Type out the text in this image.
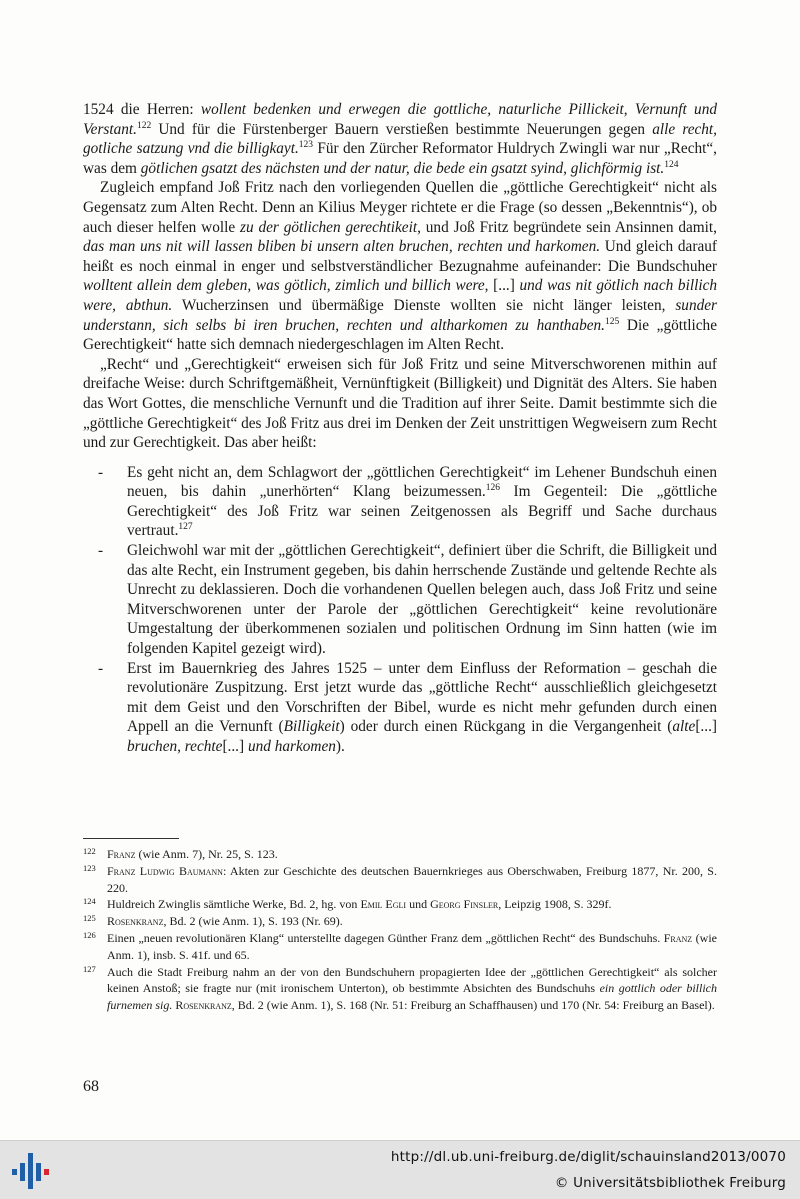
1524 die Herren: wollent bedenken und erwegen die gottliche, naturliche Pillickeit, Vernunft und Verstant.$^{122}$ Und für die Fürstenberger Bauern verstießen bestimmte Neuerungen gegen alle recht, gotliche satzung vnd die billigkayt.$^{123}$ Für den Zürcher Reformator Huldrych Zwingli war nur „Recht“, was dem götlichen gsatzt des nächsten und der natur, die bede ein gsatzt syind, glichförmig ist.$^{124}$

Zugleich empfand Joß Fritz nach den vorliegenden Quellen die „göttliche Gerechtigkeit“ nicht als Gegensatz zum Alten Recht. Denn an Kilius Meyger richtete er die Frage (so dessen „Bekenntnis“), ob auch dieser helfen wolle zu der götlichen gerechtikeit, und Joß Fritz begründete sein Ansinnen damit, das man uns nit will lassen bliben bi unsern alten bruchen, rechten und harkomen. Und gleich darauf heißt es noch einmal in enger und selbstverständlicher Bezugnahme aufeinander: Die Bundschuher wolltent allein dem gleben, was götlich, zimlich und billich were, [...] und was nit götlich nach billich were, abthun. Wucherzinsen und übermäßige Dienste wollten sie nicht länger leisten, sunder understann, sich selbs bi iren bruchen, rechten und altharkomen zu hanthaben.$^{125}$ Die „göttliche Gerechtigkeit“ hatte sich demnach niedergeschlagen im Alten Recht.

„Recht“ und „Gerechtigkeit“ erweisen sich für Joß Fritz und seine Mitverschworenen mithin auf dreifache Weise: durch Schriftgemäßheit, Vernünftigkeit (Billigkeit) und Dignität des Alters. Sie haben das Wort Gottes, die menschliche Vernunft und die Tradition auf ihrer Seite. Damit bestimmte sich die „göttliche Gerechtigkeit“ des Joß Fritz aus drei im Denken der Zeit unstrittigen Wegweisern zum Recht und zur Gerechtigkeit. Das aber heißt:

- Es geht nicht an, dem Schlagwort der „göttlichen Gerechtigkeit“ im Lehener Bundschuh einen neuen, bis dahin „unerhörten“ Klang beizumessen.$^{126}$ Im Gegenteil: Die „göttliche Gerechtigkeit“ des Joß Fritz war seinen Zeitgenossen als Begriff und Sache durchaus vertraut.$^{127}$
- Gleichwohl war mit der „göttlichen Gerechtigkeit“, definiert über die Schrift, die Billigkeit und das alte Recht, ein Instrument gegeben, bis dahin herrschende Zustände und geltende Rechte als Unrecht zu deklassieren. Doch die vorhandenen Quellen belegen auch, dass Joß Fritz und seine Mitverschworenen unter der Parole der „göttlichen Gerechtigkeit“ keine revolutionäre Umgestaltung der überkommenen sozialen und politischen Ordnung im Sinn hatten (wie im folgenden Kapitel gezeigt wird).
- Erst im Bauernkrieg des Jahres 1525 – unter dem Einfluss der Reformation – geschah die revolutionäre Zuspitzung. Erst jetzt wurde das „göttliche Recht“ ausschließlich gleichgesetzt mit dem Geist und den Vorschriften der Bibel, wurde es nicht mehr gefunden durch einen Appell an die Vernunft (Billigkeit) oder durch einen Rückgang in die Vergangenheit (alte[...] bruchen, rechte[...] und harkomen).
122 Franz (wie Anm. 7), Nr. 25, S. 123.
123 Franz Ludwig Baumann: Akten zur Geschichte des deutschen Bauernkrieges aus Oberschwaben, Freiburg 1877, Nr. 200, S. 220.
124 Huldreich Zwinglis sämtliche Werke, Bd. 2, hg. von Emil Egli und Georg Finsler, Leipzig 1908, S. 329f.
125 Rosenkranz, Bd. 2 (wie Anm. 1), S. 193 (Nr. 69).
126 Einen „neuen revolutionären Klang“ unterstellte dagegen Günther Franz dem „göttlichen Recht“ des Bundschuhs. Franz (wie Anm. 1), insb. S. 41f. und 65.
127 Auch die Stadt Freiburg nahm an der von den Bundschuhern propagierten Idee der „göttlichen Gerechtigkeit“ als solcher keinen Anstoß; sie fragte nur (mit ironischem Unterton), ob bestimmte Absichten des Bundschuhs ein gottlich oder billich furnemen sig. Rosenkranz, Bd. 2 (wie Anm. 1), S. 168 (Nr. 51: Freiburg an Schaffhausen) und 170 (Nr. 54: Freiburg an Basel).
68
http://dl.ub.uni-freiburg.de/diglit/schauinsland2013/0070
© Universitätsbibliothek Freiburg
